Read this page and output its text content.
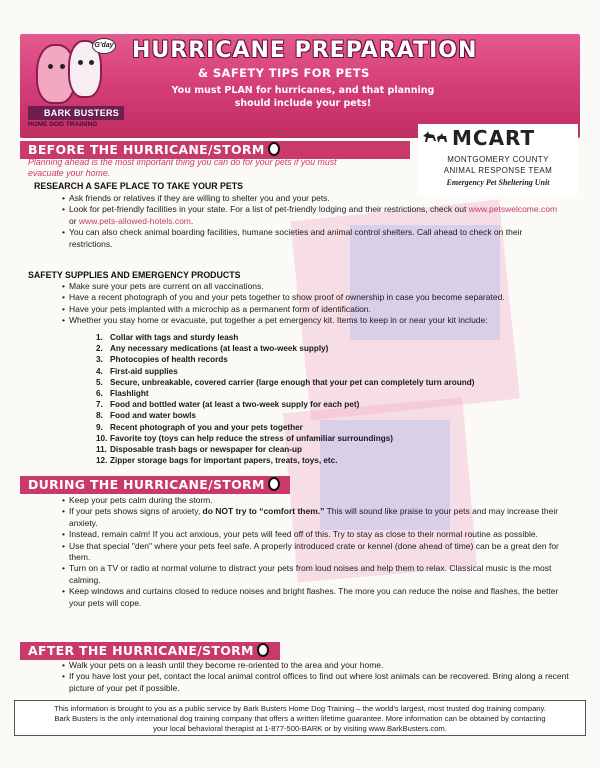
G'day
BARK BUSTERS
HOME DOG TRAINING
HURRICANE PREPARATION
& SAFETY TIPS FOR PETS
You must PLAN for hurricanes, and that planning should include your pets!
BEFORE THE HURRICANE/STORM	MCART
MONTGOMERY COUNTY
ANIMAL RESPONSE TEAM
Emergency Pet Sheltering Unit
Planning ahead is the most important thing you can do for your pets if you must evacuate your home.
RESEARCH A SAFE PLACE TO TAKE YOUR PETS
• Ask friends or relatives if they are willing to shelter you and your pets.
• Look for pet-friendly facilities in your state. For a list of pet-friendly lodging and their restrictions, check out www.petswelcome.com or www.pets-allowed-hotels.com.
• You can also check animal boarding facilities, humane societies and animal control shelters. Call ahead to check on their restrictions.
SAFETY SUPPLIES AND EMERGENCY PRODUCTS
• Make sure your pets are current on all vaccinations.
• Have a recent photograph of you and your pets together to show proof of ownership in case you become separated.
• Have your pets implanted with a microchip as a permanent form of identification.
• Whether you stay home or evacuate, put together a pet emergency kit. Items to keep in or near your kit include:
1. Collar with tags and sturdy leash
2. Any necessary medications (at least a two-week supply)
3. Photocopies of health records
4. First-aid supplies
5. Secure, unbreakable, covered carrier (large enough that your pet can completely turn around)
6. Flashlight
7. Food and bottled water (at least a two-week supply for each pet)
8. Food and water bowls
9. Recent photograph of you and your pets together
10. Favorite toy (toys can help reduce the stress of unfamiliar surroundings)
11. Disposable trash bags or newspaper for clean-up
12. Zipper storage bags for important papers, treats, toys, etc.
DURING THE HURRICANE/STORM
• Keep your pets calm during the storm.
• If your pets shows signs of anxiety, do NOT try to “comfort them.” This will sound like praise to your pets and may increase their anxiety.
• Instead, remain calm! If you act anxious, your pets will feed off of this. Try to stay as close to their normal routine as possible.
• Use that special "den" where your pets feel safe. A properly introduced crate or kennel (done ahead of time) can be a great den for them.
• Turn on a TV or radio at normal volume to distract your pets from loud noises and help them to relax. Classical music is the most calming.
• Keep windows and curtains closed to reduce noises and bright flashes. The more you can reduce the noise and flashes, the better your pets will cope.
AFTER THE HURRICANE/STORM
• Walk your pets on a leash until they become re-oriented to the area and your home.
• If you have lost your pet, contact the local animal control offices to find out where lost animals can be recovered. Bring along a recent picture of your pet if possible.
This information is brought to you as a public service by Bark Busters Home Dog Training – the world's largest, most trusted dog training company.
Bark Busters is the only international dog training company that offers a written lifetime guarantee. More information can be obtained by contacting
your local behavioral therapist at 1-877-500-BARK or by visiting www.BarkBusters.com.
